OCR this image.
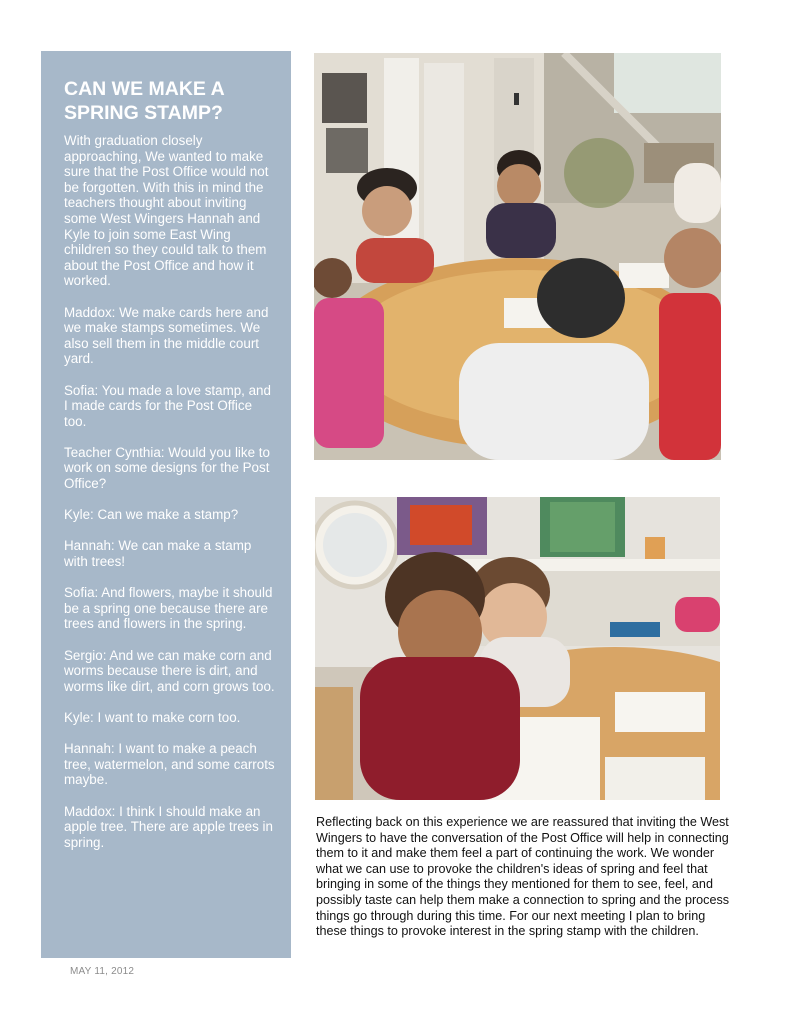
CAN WE MAKE A SPRING STAMP?

With graduation closely approaching, We wanted to make sure that the Post Office would not be forgotten. With this in mind the teachers thought about inviting some West Wingers Hannah and Kyle to join some East Wing children so they could talk to them about the Post Office and how it worked.

Maddox: We make cards here and we make stamps sometimes. We also sell them in the middle court yard.

Sofia: You made a love stamp, and I made cards for the Post Office too.

Teacher Cynthia: Would you like to work on some designs for the Post Office?

Kyle: Can we make a stamp?

Hannah: We can make a stamp with trees!

Sofia: And flowers, maybe it should be a spring one because there are trees and flowers in the spring.

Sergio: And we can make corn and worms because there is dirt, and worms like dirt, and corn grows too.

Kyle: I want to make corn too.

Hannah: I want to make a peach tree, watermelon, and some carrots maybe.

Maddox: I think I should make an apple tree. There are apple trees in spring.

Reflecting back on this experience we are reassured that inviting the West Wingers to have the conversation of the Post Office will help in connecting them to it and make them feel a part of continuing the work. We wonder what we can use to provoke the children's ideas of spring and feel that bringing in some of the things they mentioned for them to see, feel, and possibly taste can help them make a connection to spring and the process things go through during this time. For our next meeting I plan to bring these things to provoke interest in the spring stamp with the children.

MAY 11, 2012
